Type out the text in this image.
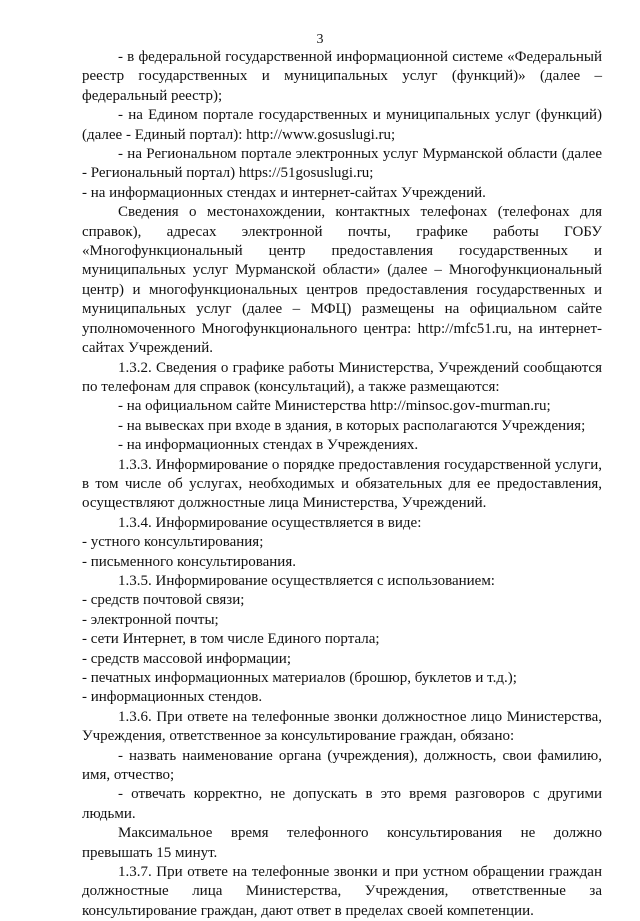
3

- в федеральной государственной информационной системе «Федеральный реестр государственных и муниципальных услуг (функций)» (далее – федеральный реестр);

- на Едином портале государственных и муниципальных услуг (функций) (далее - Единый портал): http://www.gosuslugi.ru;

- на Региональном портале электронных услуг Мурманской области (далее - Региональный портал) https://51gosuslugi.ru;

- на информационных стендах и интернет-сайтах Учреждений.

Сведения о местонахождении, контактных телефонах (телефонах для справок), адресах электронной почты, графике работы ГОБУ «Многофункциональный центр предоставления государственных и муниципальных услуг Мурманской области» (далее – Многофункциональный центр) и многофункциональных центров предоставления государственных и муниципальных услуг (далее – МФЦ) размещены на официальном сайте уполномоченного Многофункционального центра: http://mfc51.ru, на интернет-сайтах Учреждений.

1.3.2. Сведения о графике работы Министерства, Учреждений сообщаются по телефонам для справок (консультаций), а также размещаются:

- на официальном сайте Министерства http://minsoc.gov-murman.ru;

- на вывесках при входе в здания, в которых располагаются Учреждения;

- на информационных стендах в Учреждениях.

1.3.3. Информирование о порядке предоставления государственной услуги, в том числе об услугах, необходимых и обязательных для ее предоставления, осуществляют должностные лица Министерства, Учреждений.

1.3.4. Информирование осуществляется в виде:

- устного консультирования;

- письменного консультирования.

1.3.5. Информирование осуществляется с использованием:

- средств почтовой связи;

- электронной почты;

- сети Интернет, в том числе Единого портала;

- средств массовой информации;

- печатных информационных материалов (брошюр, буклетов и т.д.);

- информационных стендов.

1.3.6. При ответе на телефонные звонки должностное лицо Министерства, Учреждения, ответственное за консультирование граждан, обязано:

- назвать наименование органа (учреждения), должность, свои фамилию, имя, отчество;

- отвечать корректно, не допускать в это время разговоров с другими людьми.

Максимальное время телефонного консультирования не должно превышать 15 минут.

1.3.7. При ответе на телефонные звонки и при устном обращении граждан должностные лица Министерства, Учреждения, ответственные за консультирование граждан, дают ответ в пределах своей компетенции.
